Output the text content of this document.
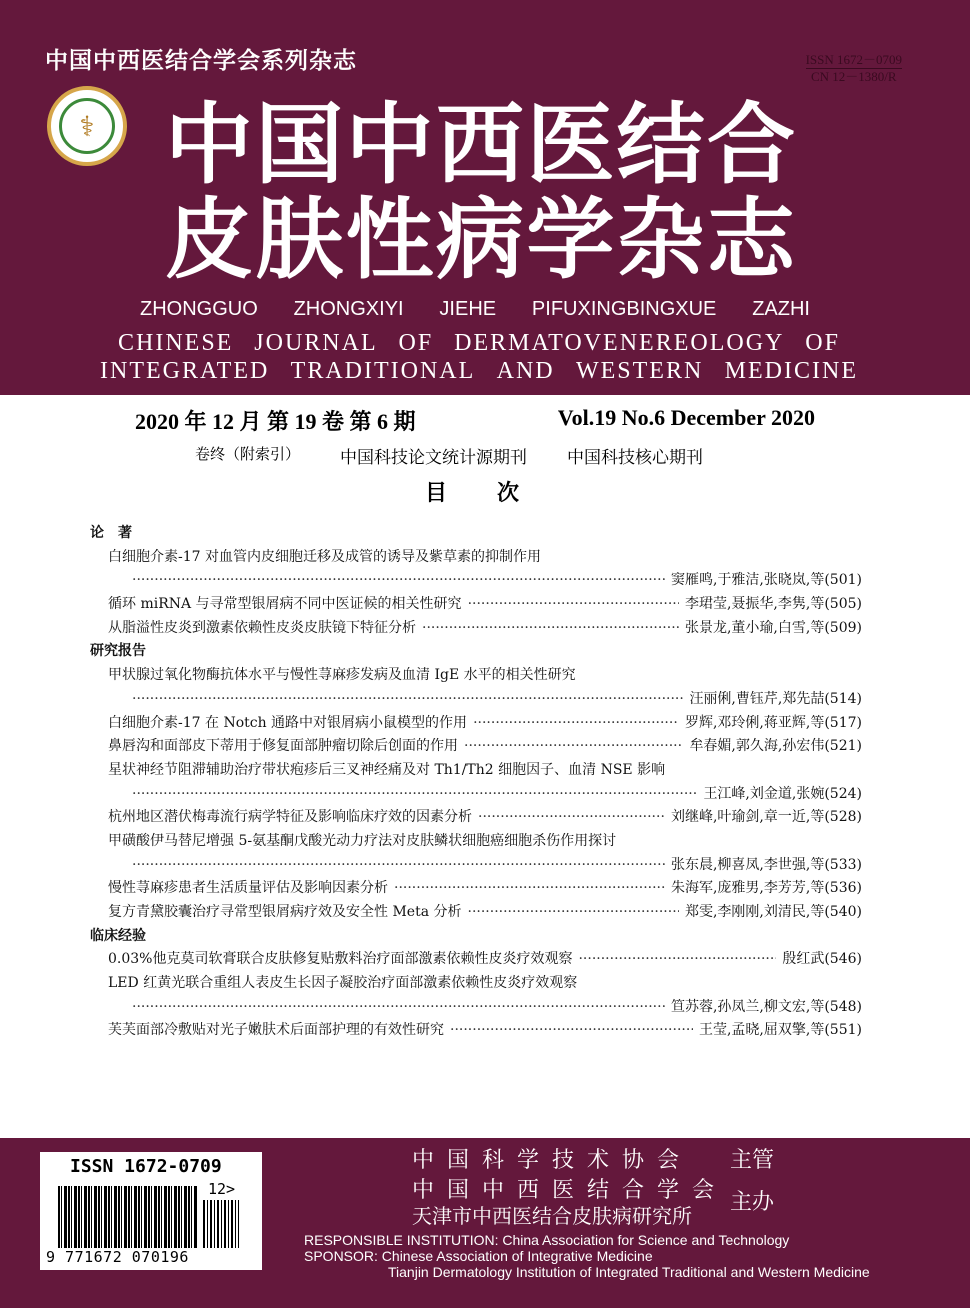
中国中西医结合学会系列杂志	ISSN 1672－0709
CN 12－1380/R
⚕ 中 国 中 西 医 结 合
皮 肤 性 病 学 杂 志
ZHONGGUO ZHONGXIYI JIEHE PIFUXINGBINGXUE ZAZHI
CHINESE JOURNAL OF DERMATOVENEREOLOGY OF
INTEGRATED TRADITIONAL AND WESTERN MEDICINE
2020 年 12 月 第 19 卷 第 6 期	Vol.19 No.6 December 2020
卷终（附索引） 中国科技论文统计源期刊 中国科技核心期刊
目次
论　著
白细胞介素-17 对血管内皮细胞迁移及成管的诱导及紫草素的抑制作用
·····
窦雁鸣,于雅洁,张晓岚,等 (501)
循环 miRNA 与寻常型银屑病不同中医证候的相关性研究 ·····	李珺莹,聂振华,李隽,等 (505)
从脂溢性皮炎到激素依赖性皮炎皮肤镜下特征分析 ·····	张景龙,董小瑜,白雪,等 (509)
研究报告
甲状腺过氧化物酶抗体水平与慢性荨麻疹发病及血清 IgE 水平的相关性研究
·····
汪丽俐,曹钰芹,郑先喆 (514)
白细胞介素-17 在 Notch 通路中对银屑病小鼠模型的作用 ·····	罗辉,邓玲俐,蒋亚辉,等 (517)
鼻唇沟和面部皮下蒂用于修复面部肿瘤切除后创面的作用 ·····	牟春媚,郭久海,孙宏伟 (521)
星状神经节阻滞辅助治疗带状疱疹后三叉神经痛及对 Th1/Th2 细胞因子、血清 NSE 影响
·····
王江峰,刘金道,张婉 (524)
杭州地区潜伏梅毒流行病学特征及影响临床疗效的因素分析 ·····	刘继峰,叶瑜剑,章一近,等 (528)
甲磺酸伊马替尼增强 5-氨基酮戊酸光动力疗法对皮肤鳞状细胞癌细胞杀伤作用探讨
·····
张东晨,柳喜凤,李世强,等 (533)
慢性荨麻疹患者生活质量评估及影响因素分析 ·····	朱海军,庞雅男,李芳芳,等 (536)
复方青黛胶囊治疗寻常型银屑病疗效及安全性 Meta 分析 ·····	郑雯,李刚刚,刘清民,等 (540)
临床经验
0.03%他克莫司软膏联合皮肤修复贴敷料治疗面部激素依赖性皮炎疗效观察 ·····	殷红武 (546)
LED 红黄光联合重组人表皮生长因子凝胶治疗面部激素依赖性皮炎疗效观察
·····
笪苏蓉,孙凤兰,柳文宏,等 (548)
芙芙面部冷敷贴对光子嫩肤术后面部护理的有效性研究 ·····	王莹,孟晓,屈双擎,等 (551)
ISSN 1672-0709
12>
9 771672 070196
中国科学技术协会
中国中西医结合学会
天津市中西医结合皮肤病研究所
主管
主办
RESPONSIBLE INSTITUTION: China Association for Science and Technology
SPONSOR: Chinese Association of Integrative Medicine
Tianjin Dermatology Institution of Integrated Traditional and Western Medicine
